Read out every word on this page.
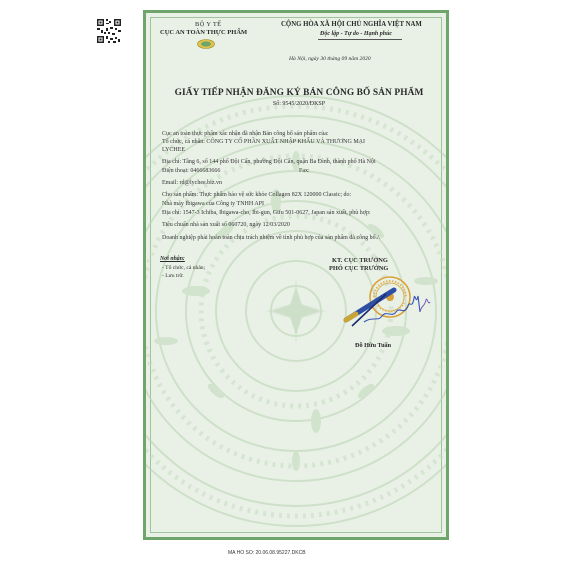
BỘ Y TẾ
CỤC AN TOÀN THỰC PHẨM
CỘNG HÒA XÃ HỘI CHỦ NGHĨA VIỆT NAM
Độc lập - Tự do - Hạnh phúc
Hà Nội, ngày 30 tháng 09 năm 2020
GIẤY TIẾP NHẬN ĐĂNG KÝ BẢN CÔNG BỐ SẢN PHẨM
Số: 9545/2020/ĐKSP
Cục an toàn thực phẩm xác nhận đã nhận Bản công bố sản phẩm của:
Tổ chức, cá nhân: CÔNG TY CỔ PHẦN XUẤT NHẬP KHẨU VÀ THƯƠNG MẠI
LYCHEE
Địa chỉ: Tầng 6, số 144 phố Đội Cấn, phường Đội Cấn, quận Ba Đình, thành phố Hà Nội
Điện thoại: 0466683666	Fax:
Email: rd@lychee.biz.vn
Cho sản phẩm: Thực phẩm bảo vệ sức khỏe Collagen 82X 120000 Classic; do:
Nhà máy Ibigawa của Công ty TNHH API
Địa chỉ: 1547-3 Ichiba, Ibigawa-cho, Ibi-gun, Gifu 501-0627, Japan sản xuất, phù hợp:
Tiêu chuẩn nhà sản xuất số 060720, ngày 12/03/2020
Doanh nghiệp phải hoàn toàn chịu trách nhiệm về tính phù hợp của sản phẩm đã công bố./.
Nơi nhận:
- Tổ chức, cá nhân;
- Lưu trữ.
KT. CỤC TRƯỞNG
PHÓ CỤC TRƯỞNG
Đỗ Hữu Tuấn
MA HO SO: 20.06.08.95227.DKCB
